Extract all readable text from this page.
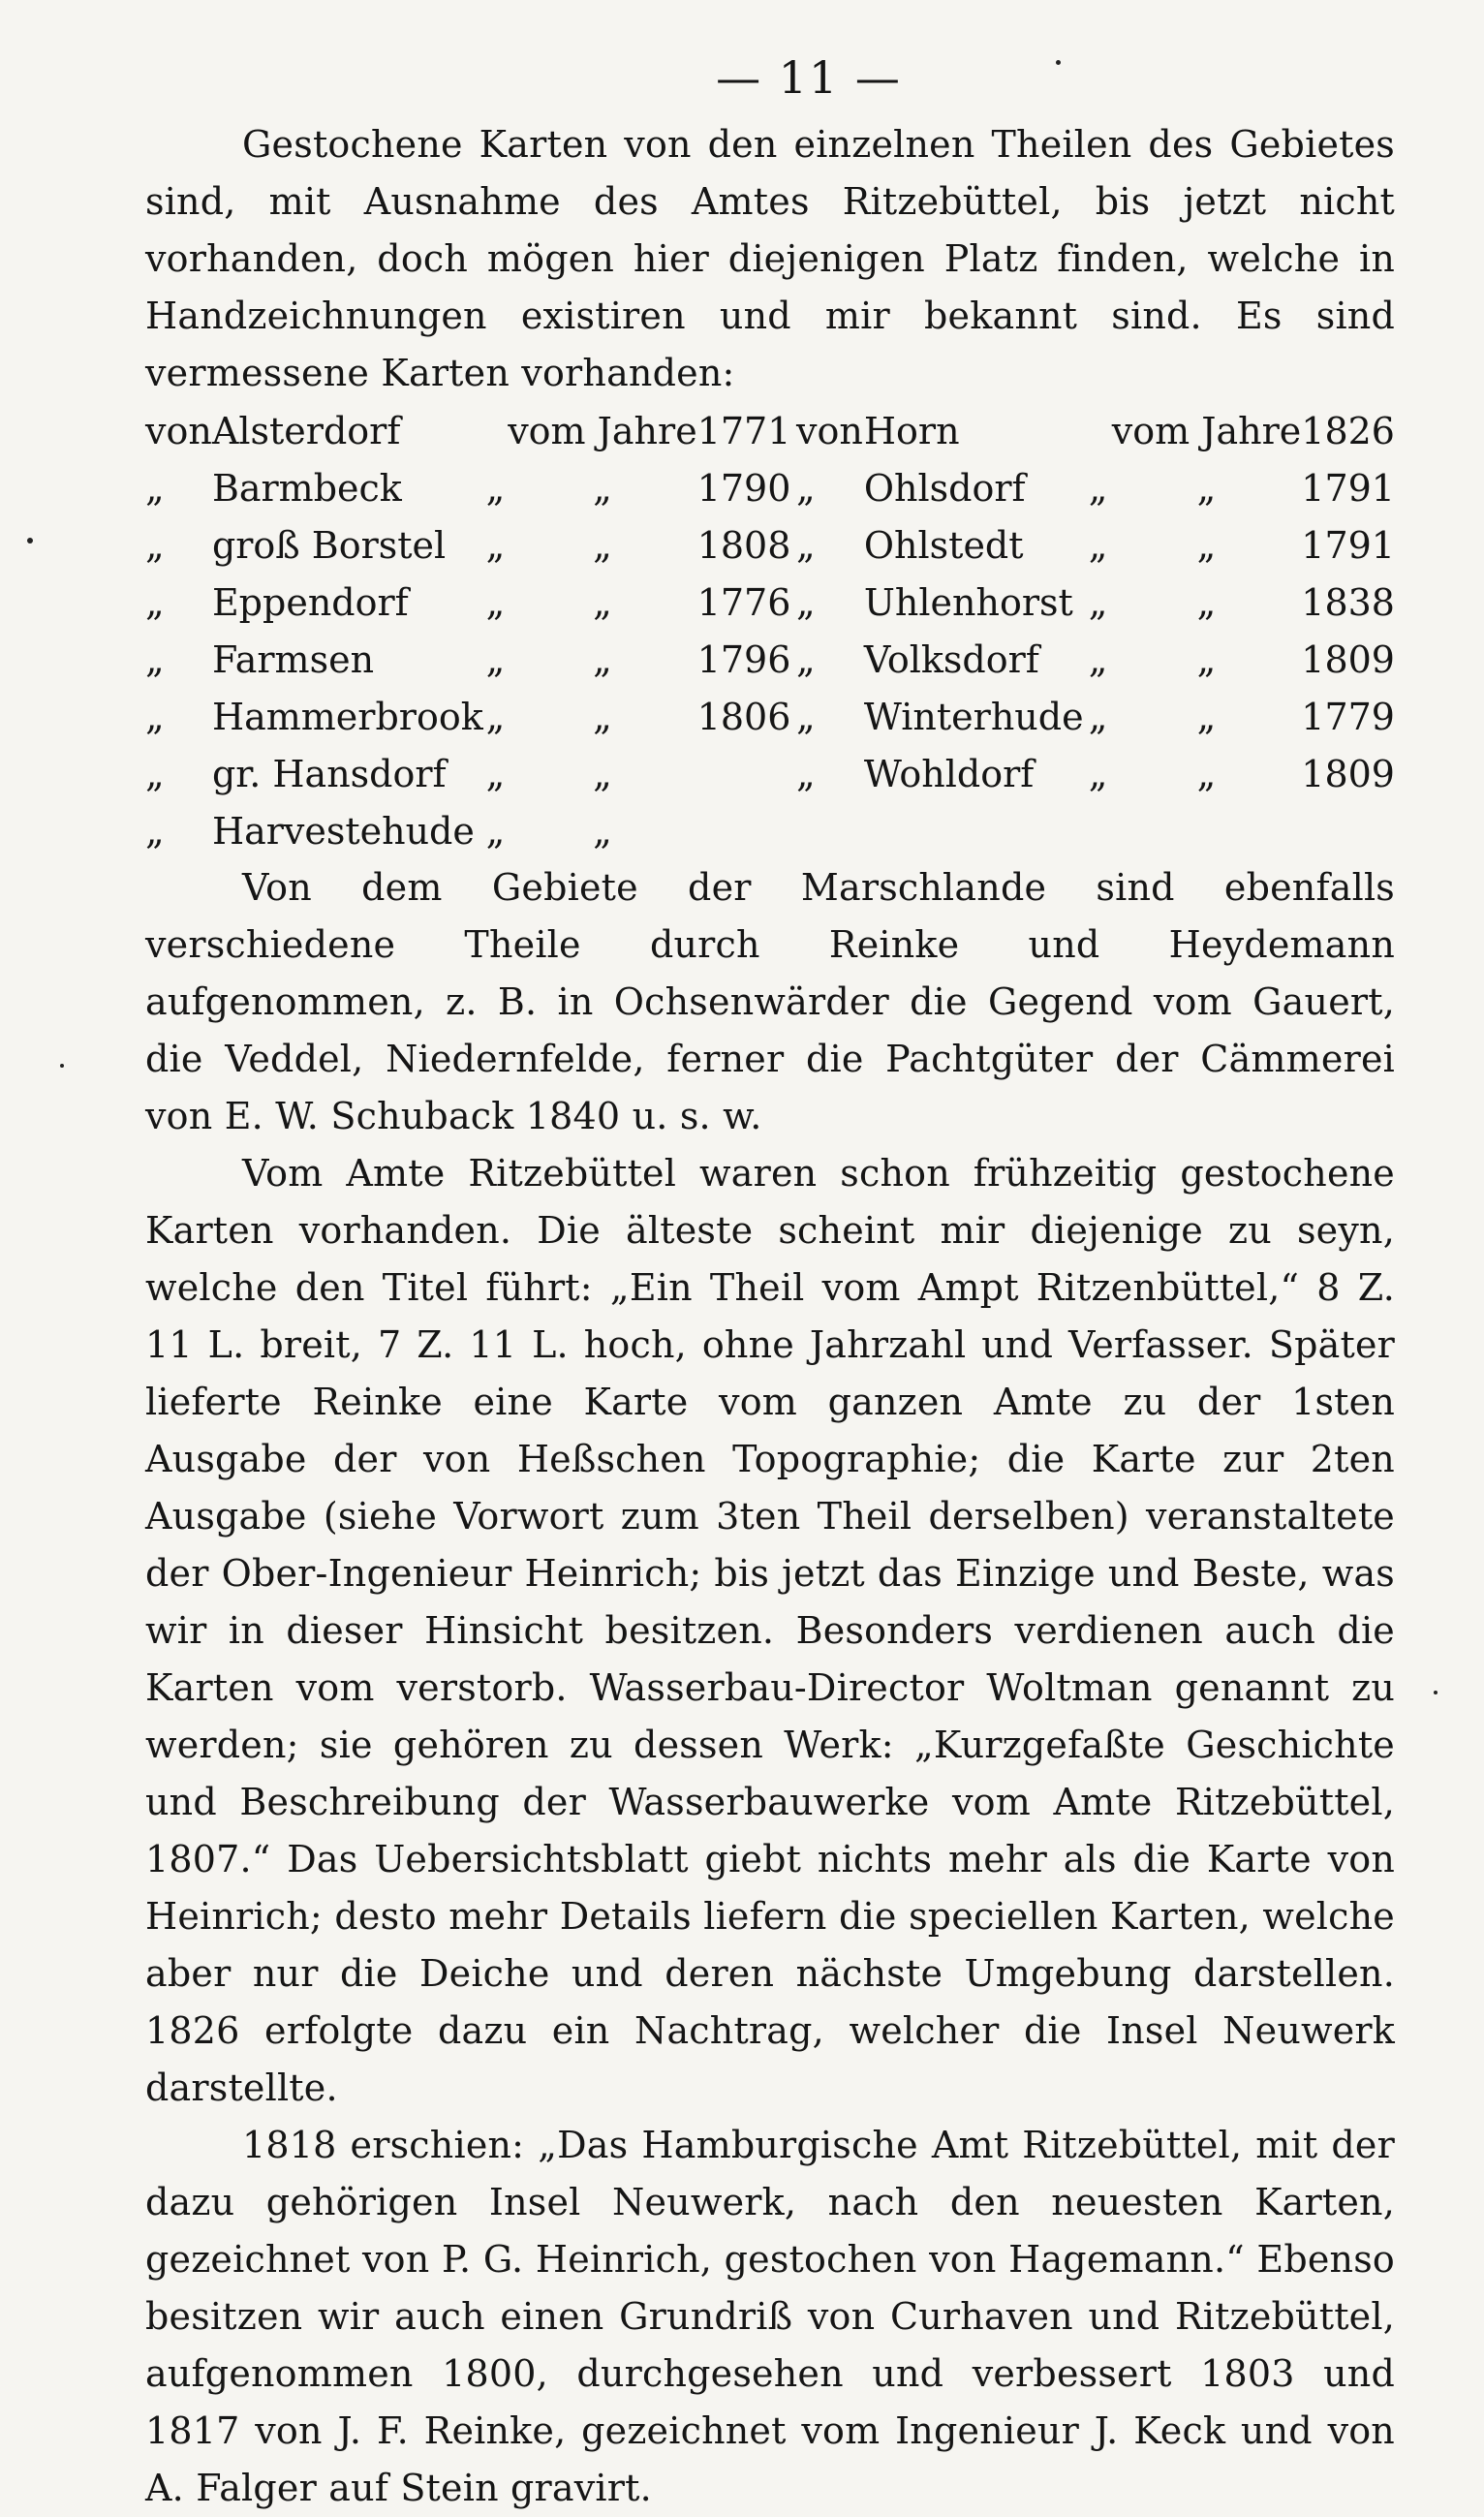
— 11 —

Gestochene Karten von den einzelnen Theilen des Gebietes sind, mit Ausnahme des Amtes Ritzebüttel, bis jetzt nicht vorhanden, doch mögen hier diejenigen Platz finden, welche in Handzeichnungen existiren und mir bekannt sind. Es sind vermessene Karten vorhanden:

von	Alsterdorf		vom Jahre	1771	von	Horn		vom Jahre	1826
„	Barmbeck	„	„	1790	„	Ohlsdorf	„	„	1791
„	groß Borstel	„	„	1808	„	Ohlstedt	„	„	1791
„	Eppendorf	„	„	1776	„	Uhlenhorst	„	„	1838
„	Farmsen	„	„	1796	„	Volksdorf	„	„	1809
„	Hammerbrook	„	„	1806	„	Winterhude	„	„	1779
„	gr. Hansdorf	„	„		„	Wohldorf	„	„	1809
„	Harvestehude	„	„						

Von dem Gebiete der Marschlande sind ebenfalls verschiedene Theile durch Reinke und Heydemann aufgenommen, z. B. in Ochsenwärder die Gegend vom Gauert, die Veddel, Niedernfelde, ferner die Pachtgüter der Cämmerei von E. W. Schuback 1840 u. s. w.

Vom Amte Ritzebüttel waren schon frühzeitig gestochene Karten vorhanden. Die älteste scheint mir diejenige zu seyn, welche den Titel führt: „Ein Theil vom Ampt Ritzenbüttel,“ 8 Z. 11 L. breit, 7 Z. 11 L. hoch, ohne Jahrzahl und Verfasser. Später lieferte Reinke eine Karte vom ganzen Amte zu der 1sten Ausgabe der von Heßschen Topographie; die Karte zur 2ten Ausgabe (siehe Vorwort zum 3ten Theil derselben) veranstaltete der Ober-Ingenieur Heinrich; bis jetzt das Einzige und Beste, was wir in dieser Hinsicht besitzen. Besonders verdienen auch die Karten vom verstorb. Wasserbau-Director Woltman genannt zu werden; sie gehören zu dessen Werk: „Kurzgefaßte Geschichte und Beschreibung der Wasserbauwerke vom Amte Ritzebüttel, 1807.“ Das Uebersichtsblatt giebt nichts mehr als die Karte von Heinrich; desto mehr Details liefern die speciellen Karten, welche aber nur die Deiche und deren nächste Umgebung darstellen. 1826 erfolgte dazu ein Nachtrag, welcher die Insel Neuwerk darstellte.

1818 erschien: „Das Hamburgische Amt Ritzebüttel, mit der dazu gehörigen Insel Neuwerk, nach den neuesten Karten, gezeichnet von P. G. Heinrich, gestochen von Hagemann.“ Ebenso besitzen wir auch einen Grundriß von Curhaven und Ritzebüttel, aufgenommen 1800, durchgesehen und verbessert 1803 und 1817 von J. F. Reinke, gezeichnet vom Ingenieur J. Keck und von A. Falger auf Stein gravirt.
